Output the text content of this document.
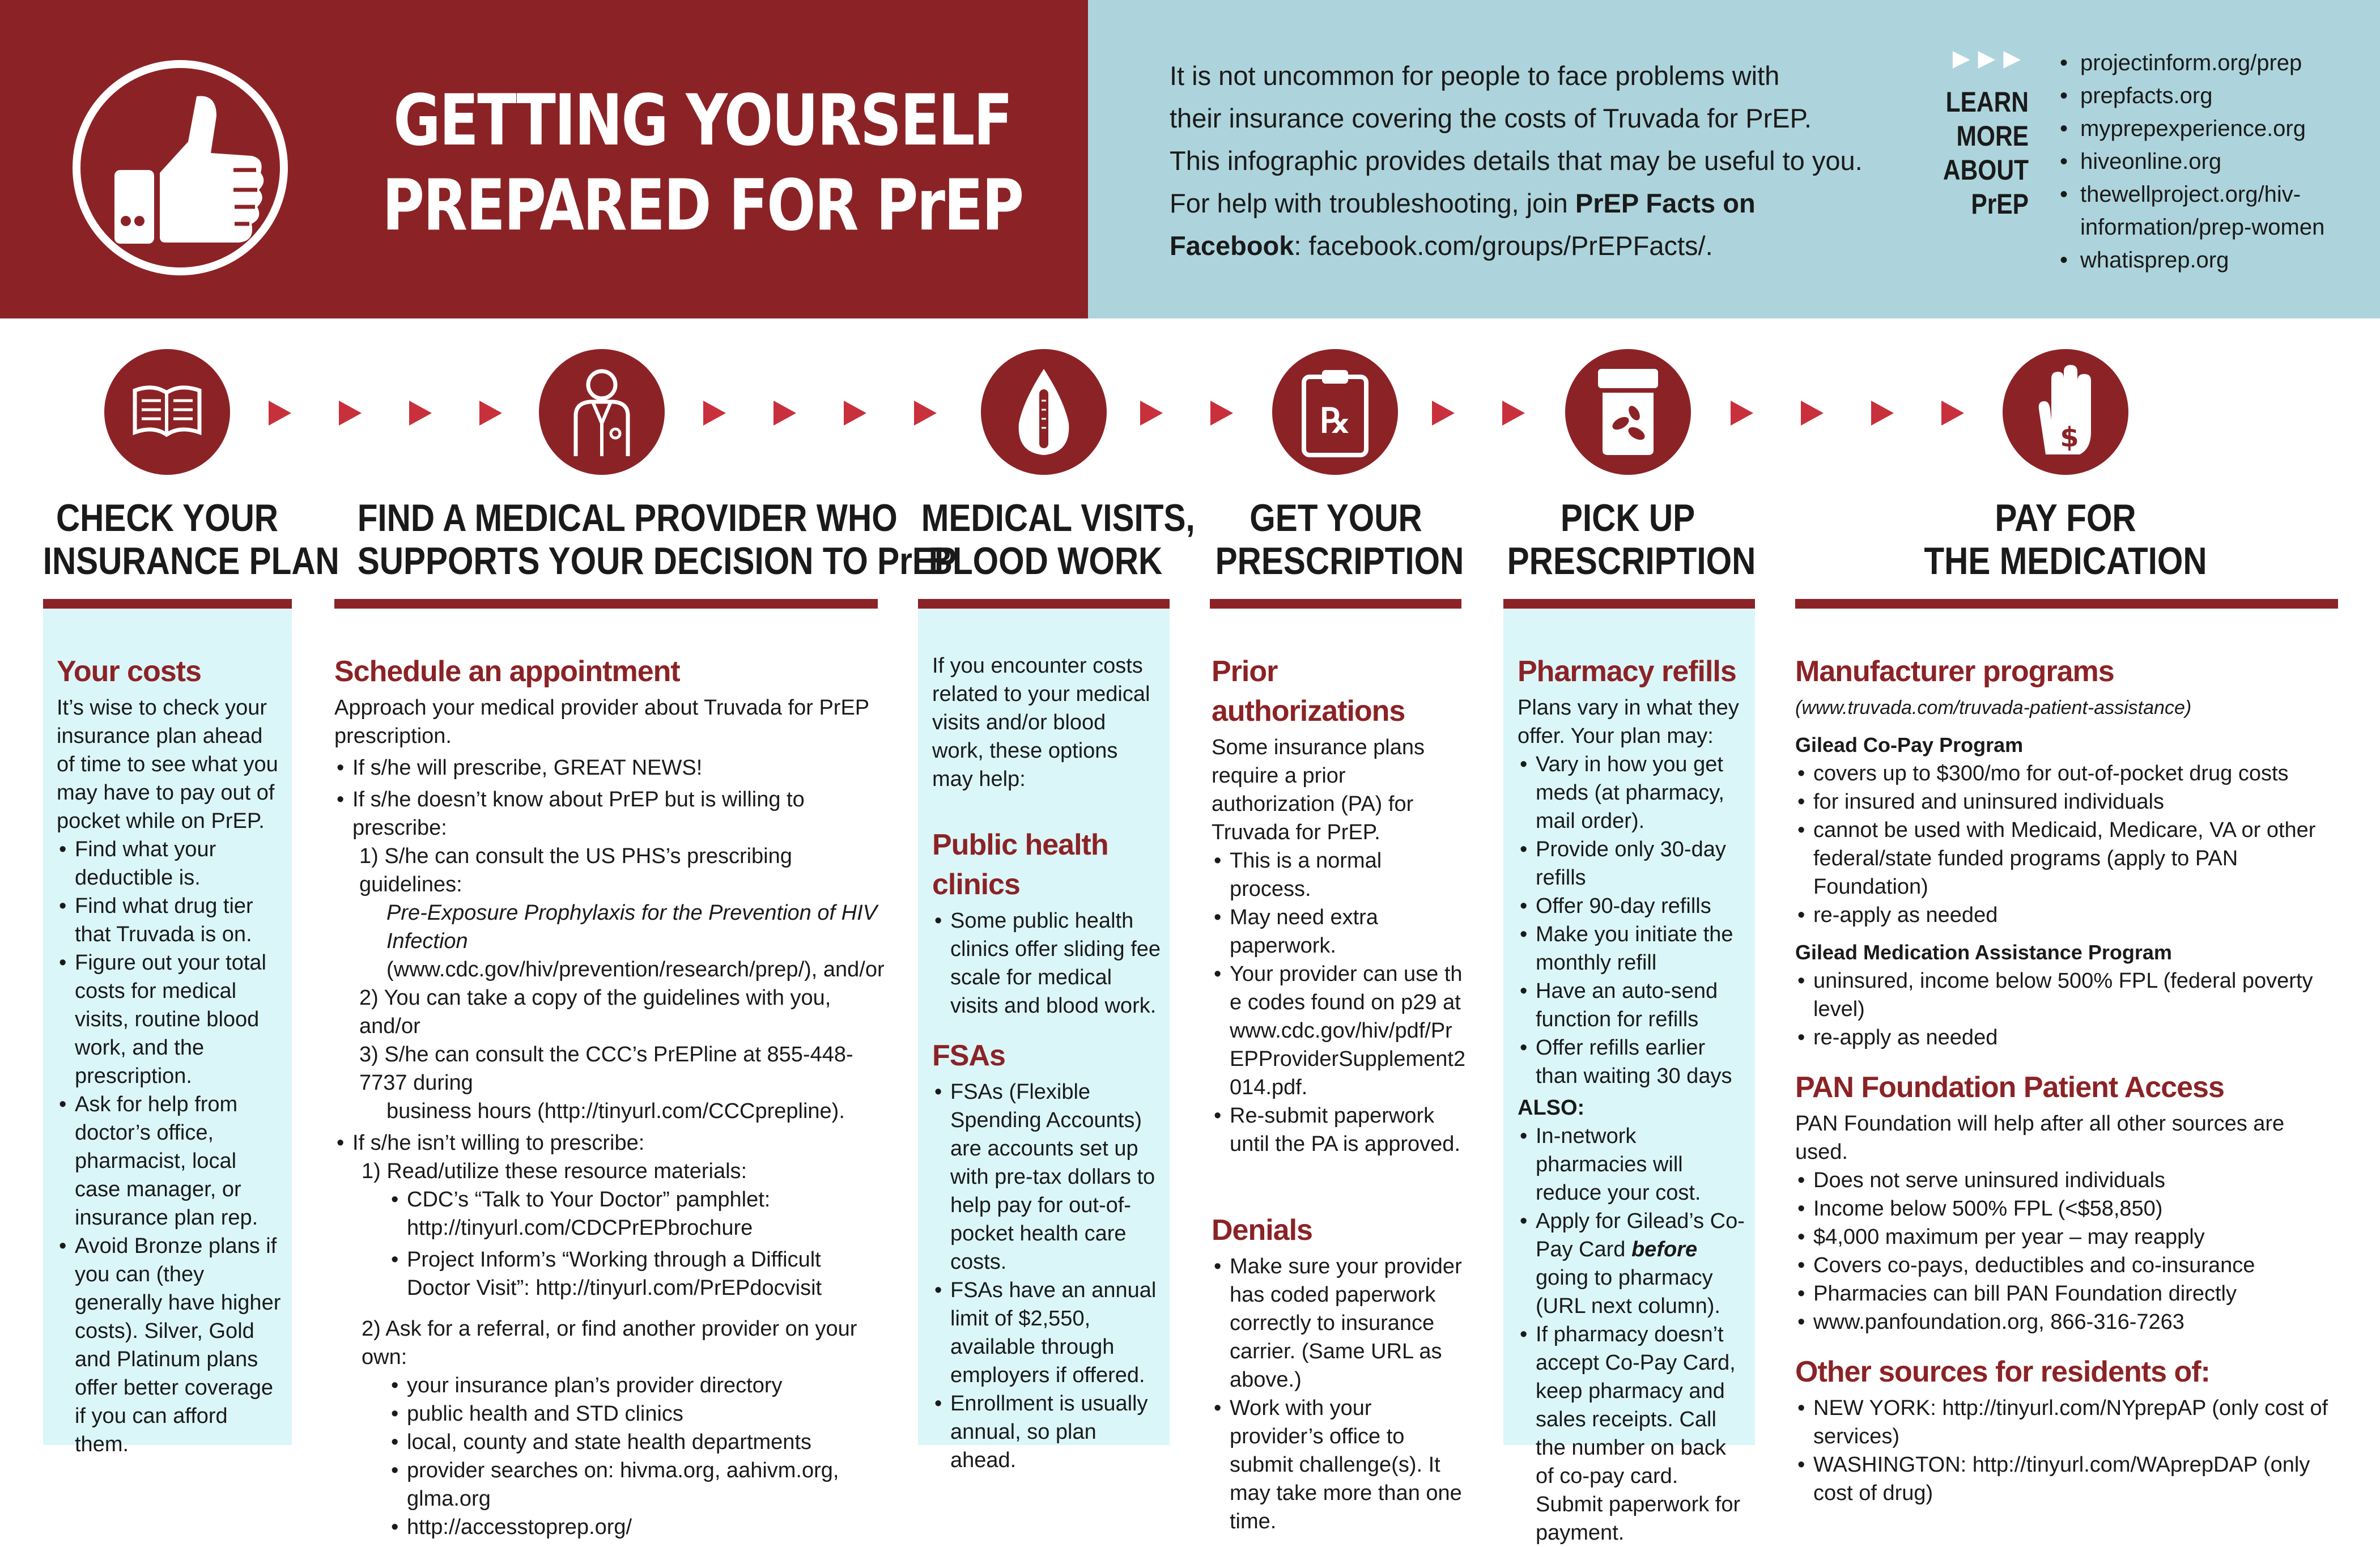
GETTING YOURSELF
PREPARED FOR PrEP
It is not uncommon for people to face problems with
their insurance covering the costs of Truvada for PrEP.
This infographic provides details that may be useful to you.
For help with troubleshooting, join PrEP Facts on
Facebook: facebook.com/groups/PrEPFacts/.
▶▶▶
LEARN MORE
ABOUT PrEP
• projectinform.org/prep
• prepfacts.org
• myprepexperience.org
• hiveonline.org
• thewellproject.org/hiv-information/prep-women
• whatisprep.org
℞	$
CHECK YOUR
INSURANCE PLAN
FIND A MEDICAL PROVIDER WHO
SUPPORTS YOUR DECISION TO PrEP
MEDICAL VISITS,
BLOOD WORK
GET YOUR
PRESCRIPTION
PICK UP
PRESCRIPTION
PAY FOR
THE MEDICATION
Your costs

It’s wise to check your insurance plan ahead of time to see what you may have to pay out of pocket while on PrEP.

• Find what your deductible is.
• Find what drug tier that Truvada is on.
• Figure out your total costs for medical visits, routine blood work, and the prescription.
• Ask for help from doctor’s office, pharmacist, local case manager, or insurance plan rep.
• Avoid Bronze plans if you can (they generally have higher costs). Silver, Gold and Platinum plans offer better coverage if you can afford them.
Schedule an appointment

Approach your medical provider about Truvada for PrEP prescription.

• If s/he will prescribe, GREAT NEWS!
• If s/he doesn’t know about PrEP but is willing to prescribe:

1) S/he can consult the US PHS’s prescribing guidelines:

Pre-Exposure Prophylaxis for the Prevention of HIV Infection

(www.cdc.gov/hiv/prevention/research/prep/), and/or

2) You can take a copy of the guidelines with you, and/or

3) S/he can consult the CCC’s PrEPline at 855-448-7737 during

business hours (http://tinyurl.com/CCCprepline).

• If s/he isn’t willing to prescribe:

1) Read/utilize these resource materials:

• CDC’s “Talk to Your Doctor” pamphlet: http://tinyurl.com/CDCPrEPbrochure
• Project Inform’s “Working through a Difficult Doctor Visit”: http://tinyurl.com/PrEPdocvisit

2) Ask for a referral, or find another provider on your own:

• your insurance plan’s provider directory
• public health and STD clinics
• local, county and state health departments
• provider searches on: hivma.org, aahivm.org, glma.org
• http://accesstoprep.org/

If you encounter costs related to your medical visits and/or blood work, these options may help:

Public health clinics
• Some public health clinics offer sliding fee scale for medical visits and blood work.
FSAs
• FSAs (Flexible Spending Accounts) are accounts set up with pre-tax dollars to help pay for out-of-pocket health care costs.
• FSAs have an annual limit of $2,550, available through employers if offered.
• Enrollment is usually annual, so plan ahead.
Prior authorizations

Some insurance plans require a prior authorization (PA) for Truvada for PrEP.

• This is a normal process.
• May need extra paperwork.
• Your provider can use the codes found on p29 at www.cdc.gov/hiv/pdf/PrEPProviderSupplement2014.pdf.
• Re-submit paperwork until the PA is approved.
Denials
• Make sure your provider has coded paperwork correctly to insurance carrier. (Same URL as above.)
• Work with your provider’s office to submit challenge(s). It may take more than one time.
Pharmacy refills

Plans vary in what they offer. Your plan may:

• Vary in how you get meds (at pharmacy, mail order).
• Provide only 30-day refills
• Offer 90-day refills
• Make you initiate the monthly refill
• Have an auto-send function for refills
• Offer refills earlier than waiting 30 days

ALSO:

• In-network pharmacies will reduce your cost.
• Apply for Gilead’s Co-Pay Card before going to pharmacy (URL next column).
• If pharmacy doesn’t accept Co-Pay Card, keep pharmacy and sales receipts. Call the number on back of co-pay card. Submit paperwork for payment.
Manufacturer programs

(www.truvada.com/truvada-patient-assistance)

Gilead Co-Pay Program
• covers up to $300/mo for out-of-pocket drug costs
• for insured and uninsured individuals
• cannot be used with Medicaid, Medicare, VA or other federal/state funded programs (apply to PAN Foundation)
• re-apply as needed
Gilead Medication Assistance Program
• uninsured, income below 500% FPL (federal poverty level)
• re-apply as needed
PAN Foundation Patient Access

PAN Foundation will help after all other sources are used.

• Does not serve uninsured individuals
• Income below 500% FPL (<$58,850)
• $4,000 maximum per year – may reapply
• Covers co-pays, deductibles and co-insurance
• Pharmacies can bill PAN Foundation directly
• www.panfoundation.org, 866-316-7263
Other sources for residents of:
• NEW YORK: http://tinyurl.com/NYprepAP (only cost of services)
• WASHINGTON: http://tinyurl.com/WAprepDAP (only cost of drug)
